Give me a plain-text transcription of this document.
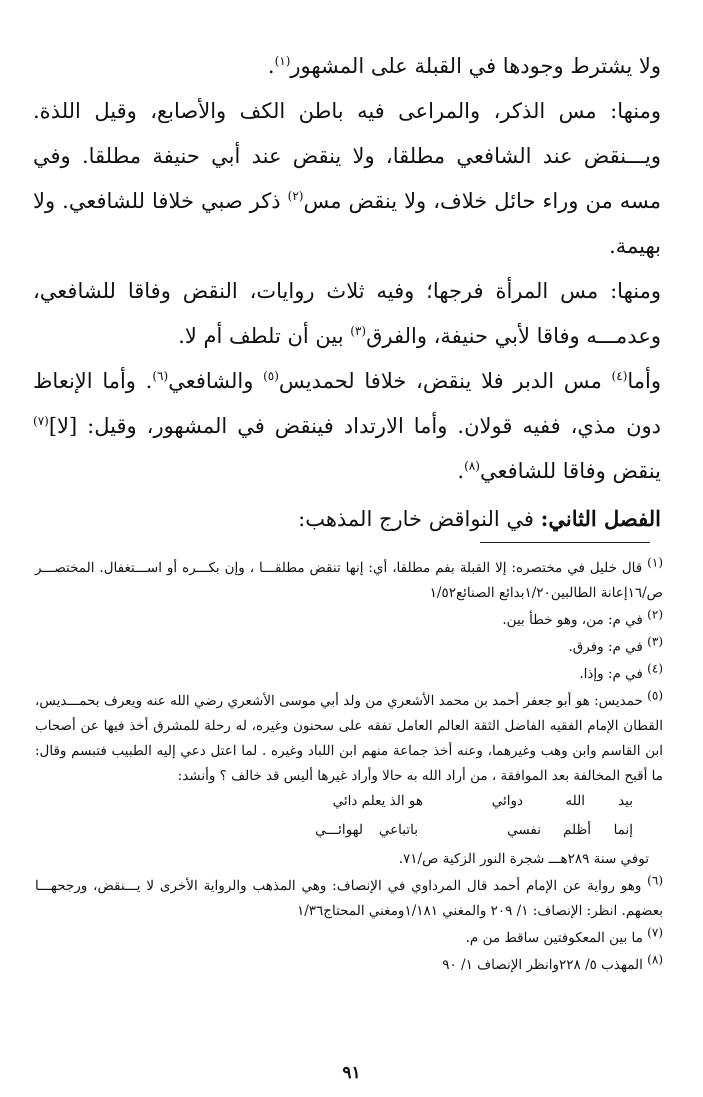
ولا يشترط وجودها في القبلة على المشهور$^{(١)}$.

ومنها: مس الذكر، والمراعى فيه باطن الكف والأصابع، وقيل اللذة. ويـــنقض عند الشافعي مطلقا، ولا ينقض عند أبي حنيفة مطلقا. وفي مسه من وراء حائل خلاف، ولا ينقض مس$^{(٢)}$ ذكر صبي خلافا للشافعي. ولا بهيمة.

ومنها: مس المرأة فرجها؛ وفيه ثلاث روايات، النقض وفاقا للشافعي، وعدمـــه وفاقا لأبي حنيفة، والفرق$^{(٣)}$ بين أن تلطف أم لا.

وأما$^{(٤)}$ مس الدبر فلا ينقض، خلافا لحمديس$^{(٥)}$ والشافعي$^{(٦)}$. وأما الإنعاظ دون مذي، ففيه قولان. وأما الارتداد فينقض في المشهور، وقيل: [لا]$^{(٧)}$ ينقض وفاقا للشافعي$^{(٨)}$.

الفصل الثاني: في النواقض خارج المذهب:

$^{(١)}$ قال خليل في مختصره: إلا القبلة بفم مطلقا، أي: إنها تنقض مطلقـــا ، وإن بكـــره أو اســـتغفال. المختصـــر ص/١٦إعانة الطالبين١/٢٠بدائع الصنائع١/٥٢

$^{(٢)}$ في م: من، وهو خطأ بين.

$^{(٣)}$ في م: وفرق.

$^{(٤)}$ في م: وإذا.

$^{(٥)}$ حمديس: هو أبو جعفر أحمد بن محمد الأشعري من ولد أبي موسى الأشعري رضي الله عنه ويعرف بحمـــديس، القطان الإمام الفقيه الفاضل الثقة العالم العامل تفقه على سحنون وغيره، له رحلة للمشرق أخذ فيها عن أصحاب ابن القاسم وابن وهب وغيرهما، وعنه أخذ جماعة منهم ابن اللباد وغيره . لما اعتل دعي إليه الطبيب فتبسم وقال: ما أقبح المخالفة بعد الموافقة ، من أراد الله به حالا وأراد غيرها أليس قد خالف ؟ وأنشد:

بيد
الله
دوائي
هو الذ يعلم دائي
إنما
أظلم
نفسي
باتباعي
لهوائـــي

توفي سنة ٢٨٩هـــ شجرة النور الزكية ص/٧١.

$^{(٦)}$ وهو رواية عن الإمام أحمد قال المرداوي في الإنصاف: وهي المذهب والرواية الأخرى لا يـــنقض، ورجحهـــا بعضهم. انظر: الإنصاف: ١/ ٢٠٩ والمغني ١/١٨١ومغني المحتاج١/٣٦

$^{(٧)}$ ما بين المعكوفتين ساقط من م.

$^{(٨)}$ المهذب ٥/ ٢٢٨وانظر الإنصاف ١/ ٩٠

٩١
